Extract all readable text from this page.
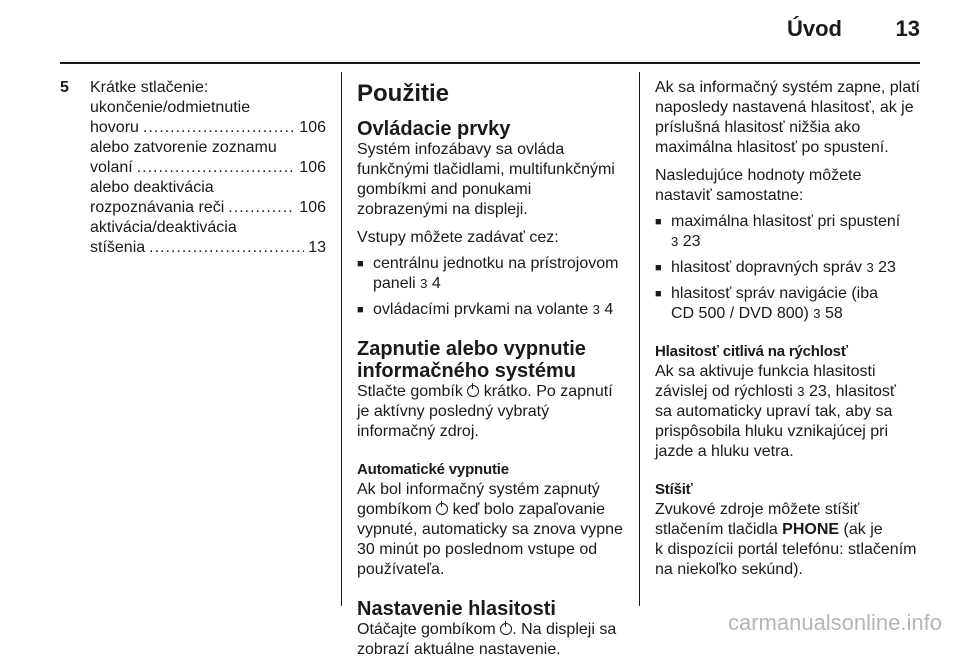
Úvod 13
5 Krátke stlačenie:
ukončenie/odmietnutie
hovoru .....	106
alebo zatvorenie zoznamu
volaní .....	106
alebo deaktivácia
rozpoznávania reči .....	106
aktivácia/deaktivácia
stíšenia .....	13
Použitie
Ovládacie prvky

Systém infozábavy sa ovláda

funkčnými tlačidlami, multifunkčnými

gombíkmi and ponukami

zobrazenými na displeji.

Vstupy môžete zadávať cez:

■ centrálnu jednotku na prístrojovom
paneli 3 4
■ ovládacími prvkami na volante 3 4
Zapnutie alebo vypnutie
informačného systému

Stlačte gombík krátko. Po zapnutí

je aktívny posledný vybratý

informačný zdroj.

Automatické vypnutie

Ak bol informačný systém zapnutý

gombíkom keď bolo zapaľovanie

vypnuté, automaticky sa znova vypne

30 minút po poslednom vstupe od

používateľa.

Nastavenie hlasitosti

Otáčajte gombíkom . Na displeji sa

zobrazí aktuálne nastavenie.

Ak sa informačný systém zapne, platí

naposledy nastavená hlasitosť, ak je

príslušná hlasitosť nižšia ako

maximálna hlasitosť po spustení.

Nasledujúce hodnoty môžete

nastaviť samostatne:

■ maximálna hlasitosť pri spustení
3 23
■ hlasitosť dopravných správ 3 23
■ hlasitosť správ navigácie (iba
CD 500 / DVD 800) 3 58
Hlasitosť citlivá na rýchlosť

Ak sa aktivuje funkcia hlasitosti

závislej od rýchlosti 3 23, hlasitosť

sa automaticky upraví tak, aby sa

prispôsobila hluku vznikajúcej pri

jazde a hluku vetra.

Stíšiť

Zvukové zdroje môžete stíšiť

stlačením tlačidla PHONE (ak je

k dispozícii portál telefónu: stlačením

na niekoľko sekúnd).

carmanualsonline.info
